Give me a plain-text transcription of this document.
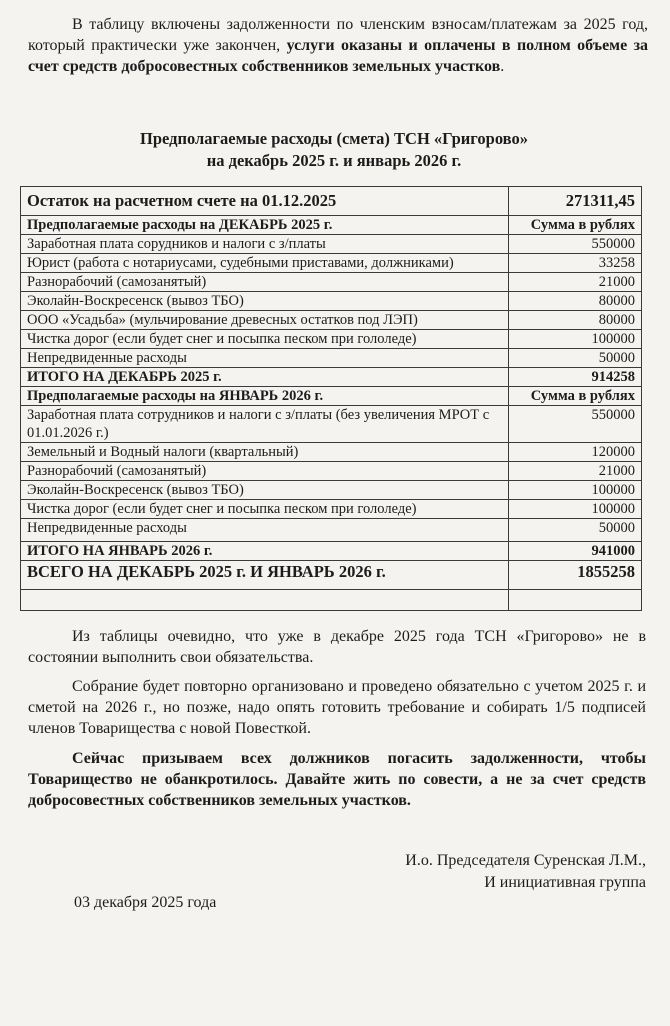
В таблицу включены задолженности по членским взносам/платежам за 2025 год, который практически уже закончен, услуги оказаны и оплачены в полном объеме за счет средств добросовестных собственников земельных участков.

Предполагаемые расходы (смета) ТСН «Григорово»
на декабрь 2025 г. и январь 2026 г.
Остаток на расчетном счете на 01.12.2025	271311,45
Предполагаемые расходы на ДЕКАБРЬ 2025 г.	Сумма в рублях
Заработная плата сорудников и налоги с з/платы	550000
Юрист (работа с нотариусами, судебными приставами, должниками)	33258
Разнорабочий (самозанятый)	21000
Эколайн-Воскресенск (вывоз ТБО)	80000
ООО «Усадьба» (мульчирование древесных остатков под ЛЭП)	80000
Чистка дорог (если будет снег и посыпка песком при гололеде)	100000
Непредвиденные расходы	50000
ИТОГО НА ДЕКАБРЬ 2025 г.	914258
Предполагаемые расходы на ЯНВАРЬ 2026 г.	Сумма в рублях
Заработная плата сотрудников и налоги с з/платы (без увеличения МРОТ с 01.01.2026 г.)	550000
Земельный и Водный налоги (квартальный)	120000
Разнорабочий (самозанятый)	21000
Эколайн-Воскресенск (вывоз ТБО)	100000
Чистка дорог (если будет снег и посыпка песком при гололеде)	100000
Непредвиденные расходы	50000
ИТОГО НА ЯНВАРЬ 2026 г.	941000
ВСЕГО НА ДЕКАБРЬ 2025 г. И ЯНВАРЬ 2026 г.	1855258

Из таблицы очевидно, что уже в декабре 2025 года ТСН «Григорово» не в состоянии выполнить свои обязательства.

Собрание будет повторно организовано и проведено обязательно с учетом 2025 г. и сметой на 2026 г., но позже, надо опять готовить требование и собирать 1/5 подписей членов Товарищества с новой Повесткой.

Сейчас призываем всех должников погасить задолженности, чтобы Товарищество не обанкротилось. Давайте жить по совести, а не за счет средств добросовестных собственников земельных участков.

И.о. Председателя Суренская Л.М.,
И инициативная группа
03 декабря 2025 года
